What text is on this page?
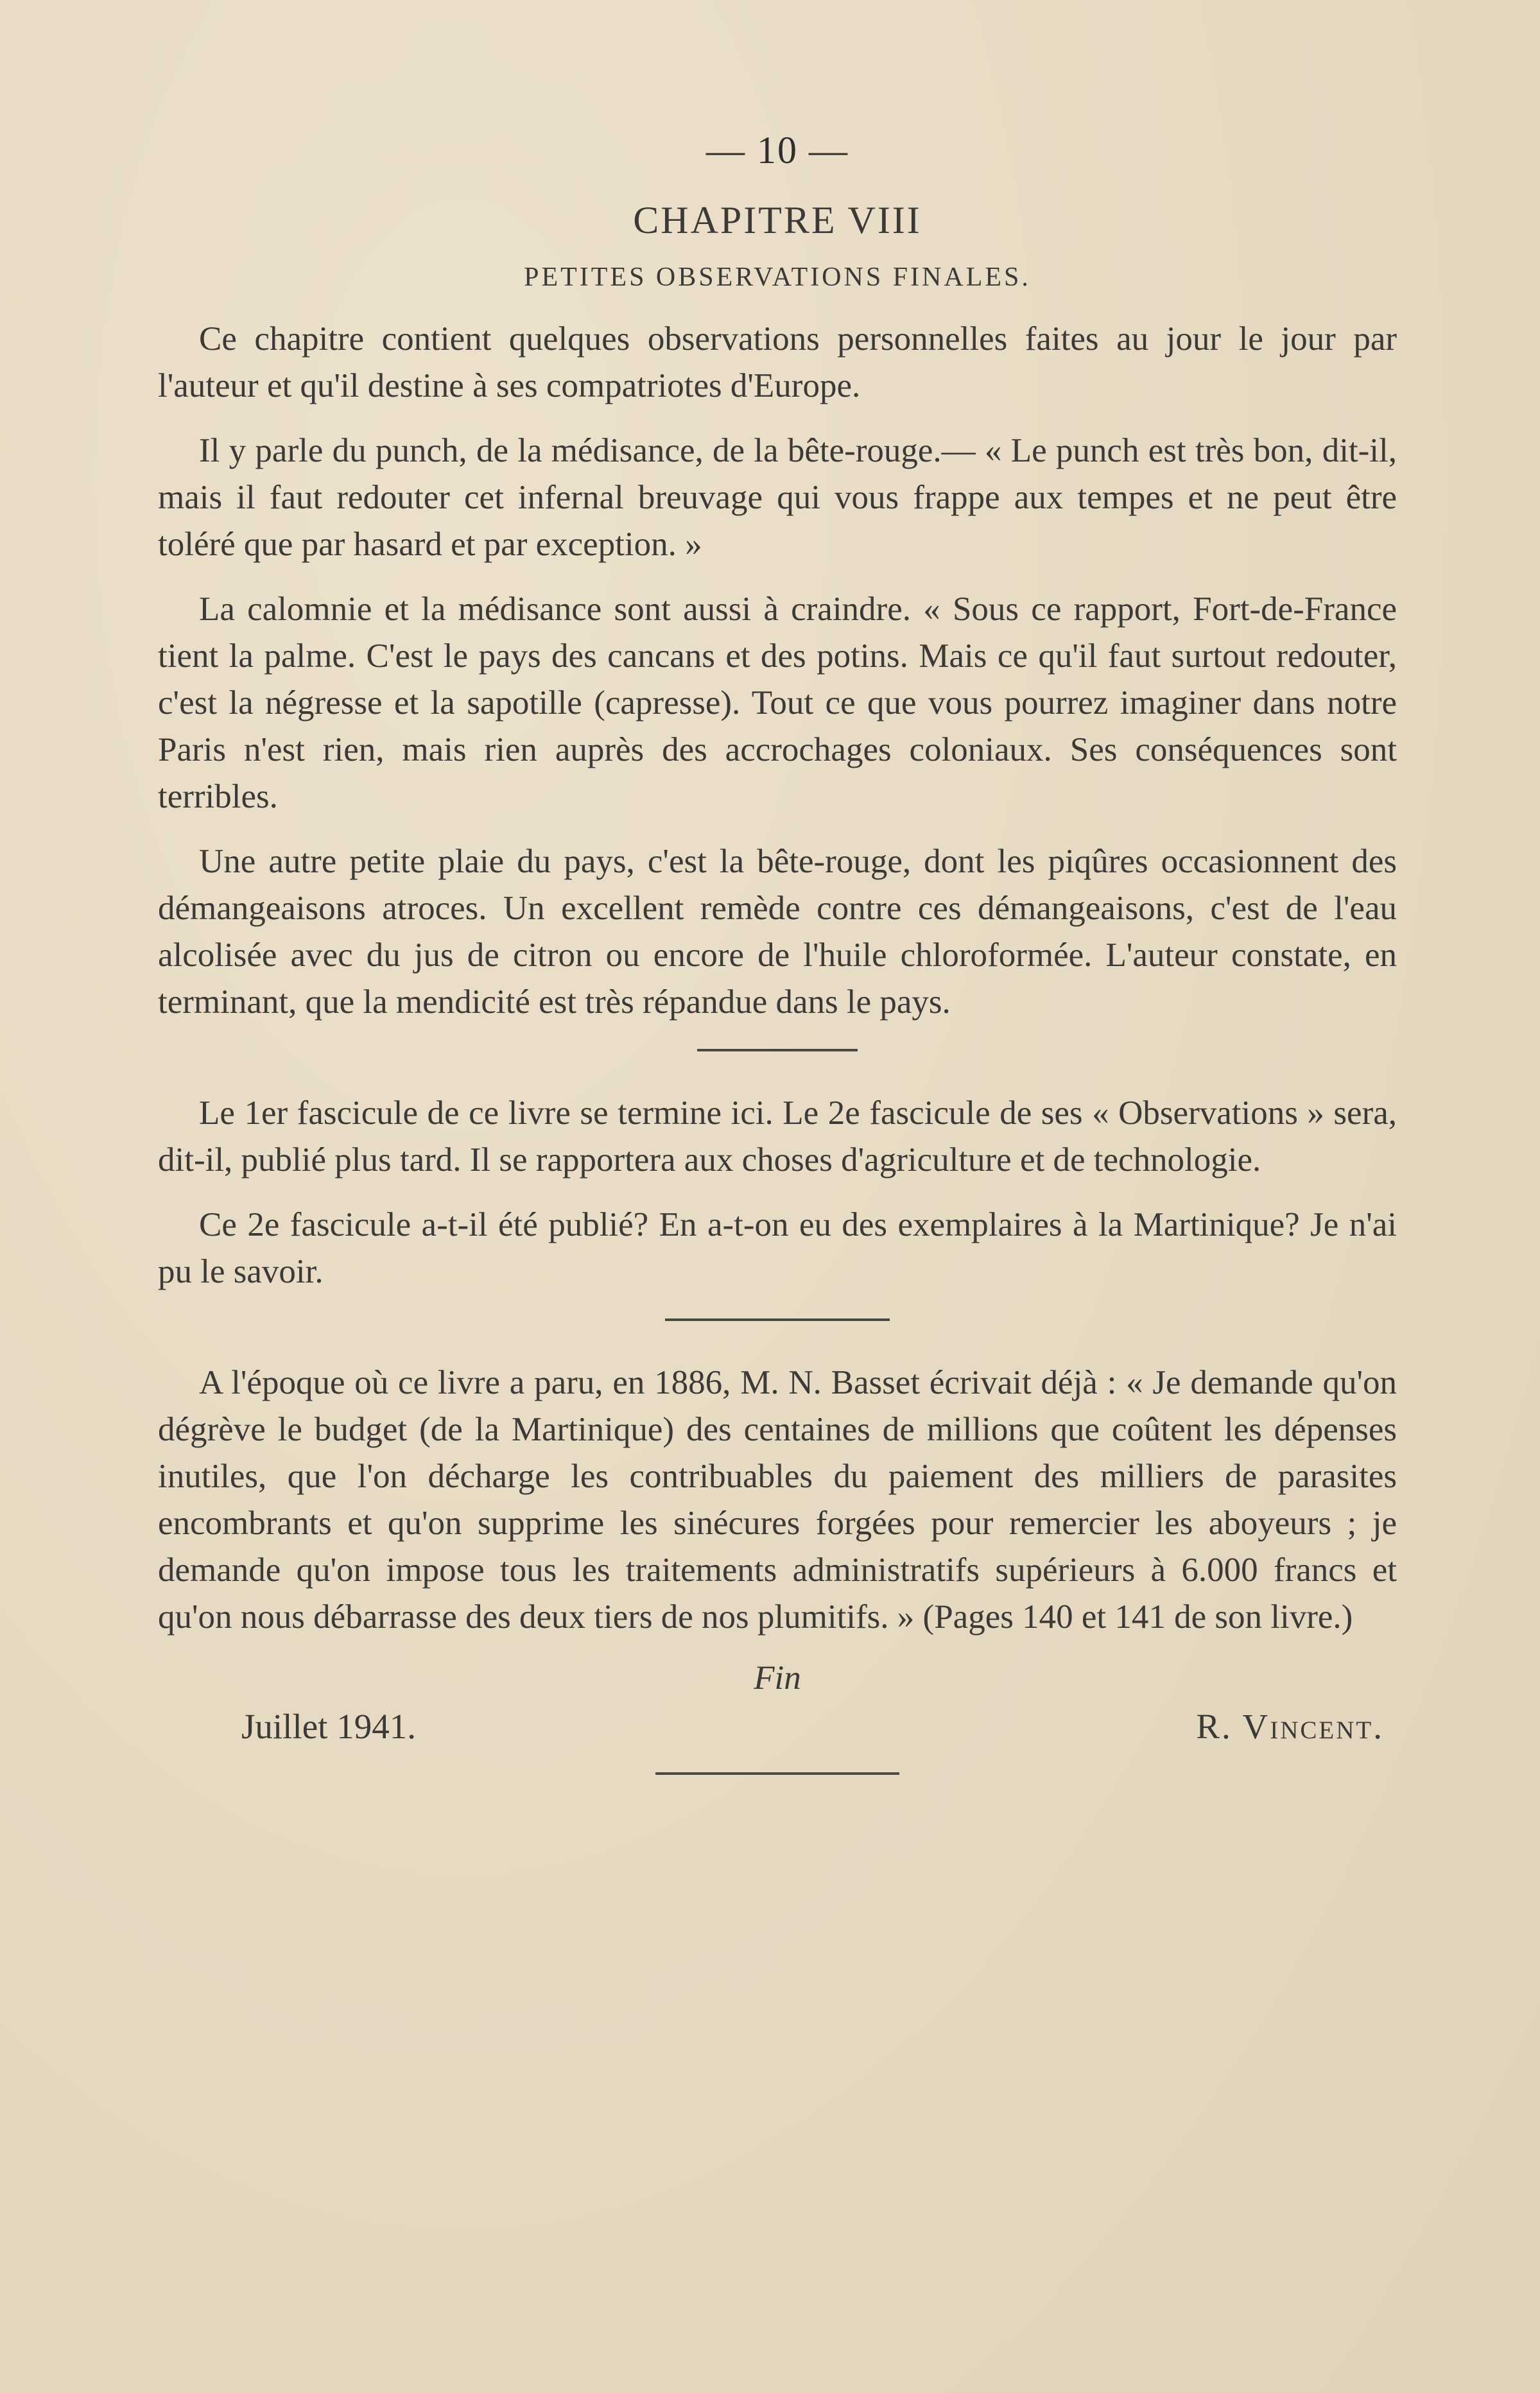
— 10 —
CHAPITRE VIII
PETITES OBSERVATIONS FINALES.

Ce chapitre contient quelques observations personnelles faites au jour le jour par l'auteur et qu'il destine à ses compatriotes d'Europe.

Il y parle du punch, de la médisance, de la bête-rouge.— « Le punch est très bon, dit-il, mais il faut redouter cet infernal breuvage qui vous frappe aux tempes et ne peut être toléré que par hasard et par exception. »

La calomnie et la médisance sont aussi à craindre. « Sous ce rapport, Fort-de-France tient la palme. C'est le pays des cancans et des potins. Mais ce qu'il faut surtout redouter, c'est la négresse et la sapotille (capresse). Tout ce que vous pourrez imaginer dans notre Paris n'est rien, mais rien auprès des accrochages coloniaux. Ses conséquences sont terribles.

Une autre petite plaie du pays, c'est la bête-rouge, dont les piqûres occasionnent des démangeaisons atroces. Un excellent remède contre ces démangeaisons, c'est de l'eau alcolisée avec du jus de citron ou encore de l'huile chloroformée. L'auteur constate, en terminant, que la mendicité est très répandue dans le pays.

Le 1er fascicule de ce livre se termine ici. Le 2e fascicule de ses « Observations » sera, dit-il, publié plus tard. Il se rapportera aux choses d'agriculture et de technologie.

Ce 2e fascicule a-t-il été publié? En a-t-on eu des exemplaires à la Martinique? Je n'ai pu le savoir.

A l'époque où ce livre a paru, en 1886, M. N. Basset écrivait déjà : « Je demande qu'on dégrève le budget (de la Martinique) des centaines de millions que coûtent les dépenses inutiles, que l'on décharge les contribuables du paiement des milliers de parasites encombrants et qu'on supprime les sinécures forgées pour remercier les aboyeurs ; je demande qu'on impose tous les traitements administratifs supérieurs à 6.000 francs et qu'on nous débarrasse des deux tiers de nos plumitifs. » (Pages 140 et 141 de son livre.)

Fin
Juillet 1941.	R. Vincent.
